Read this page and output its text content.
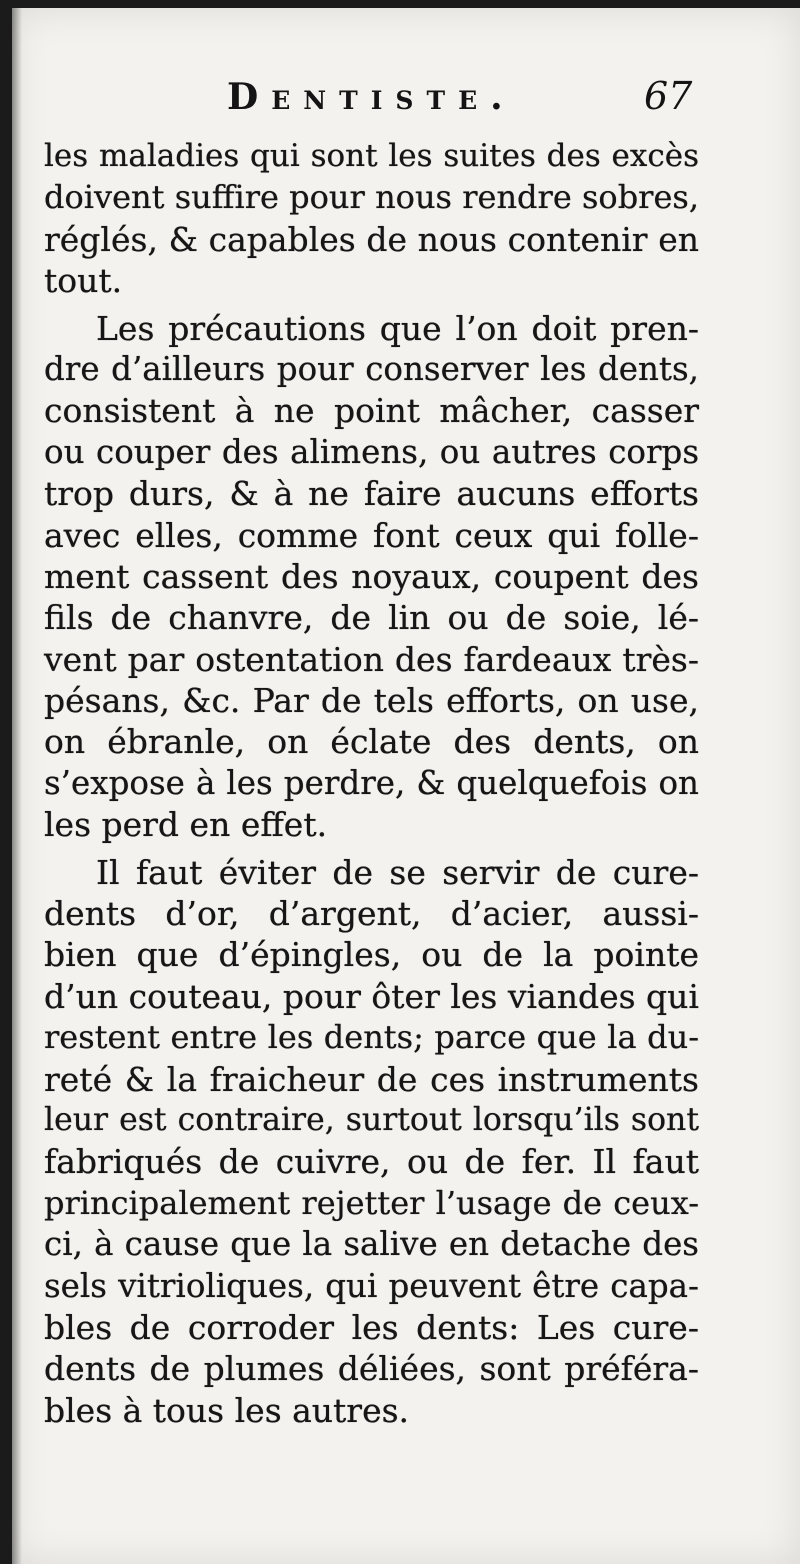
Dentiste.	67
les maladies qui sont les suites des excès
doivent suffire pour nous rendre sobres,
réglés, & capables de nous contenir en
tout.
Les précautions que l’on doit pren-
dre d’ailleurs pour conserver les dents,
consistent à ne point mâcher, casser
ou couper des alimens, ou autres corps
trop durs, & à ne faire aucuns efforts
avec elles, comme font ceux qui folle-
ment cassent des noyaux, coupent des
fils de chanvre, de lin ou de soie, lé-
vent par ostentation des fardeaux très-
pésans, &c. Par de tels efforts, on use,
on ébranle, on éclate des dents, on
s’expose à les perdre, & quelquefois on
les perd en effet.
Il faut éviter de se servir de cure-
dents d’or, d’argent, d’acier, aussi-
bien que d’épingles, ou de la pointe
d’un couteau, pour ôter les viandes qui
restent entre les dents; parce que la du-
reté & la fraicheur de ces instruments
leur est contraire, surtout lorsqu’ils sont
fabriqués de cuivre, ou de fer. Il faut
principalement rejetter l’usage de ceux-
ci, à cause que la salive en detache des
sels vitrioliques, qui peuvent être capa-
bles de corroder les dents: Les cure-
dents de plumes déliées, sont préféra-
bles à tous les autres.
